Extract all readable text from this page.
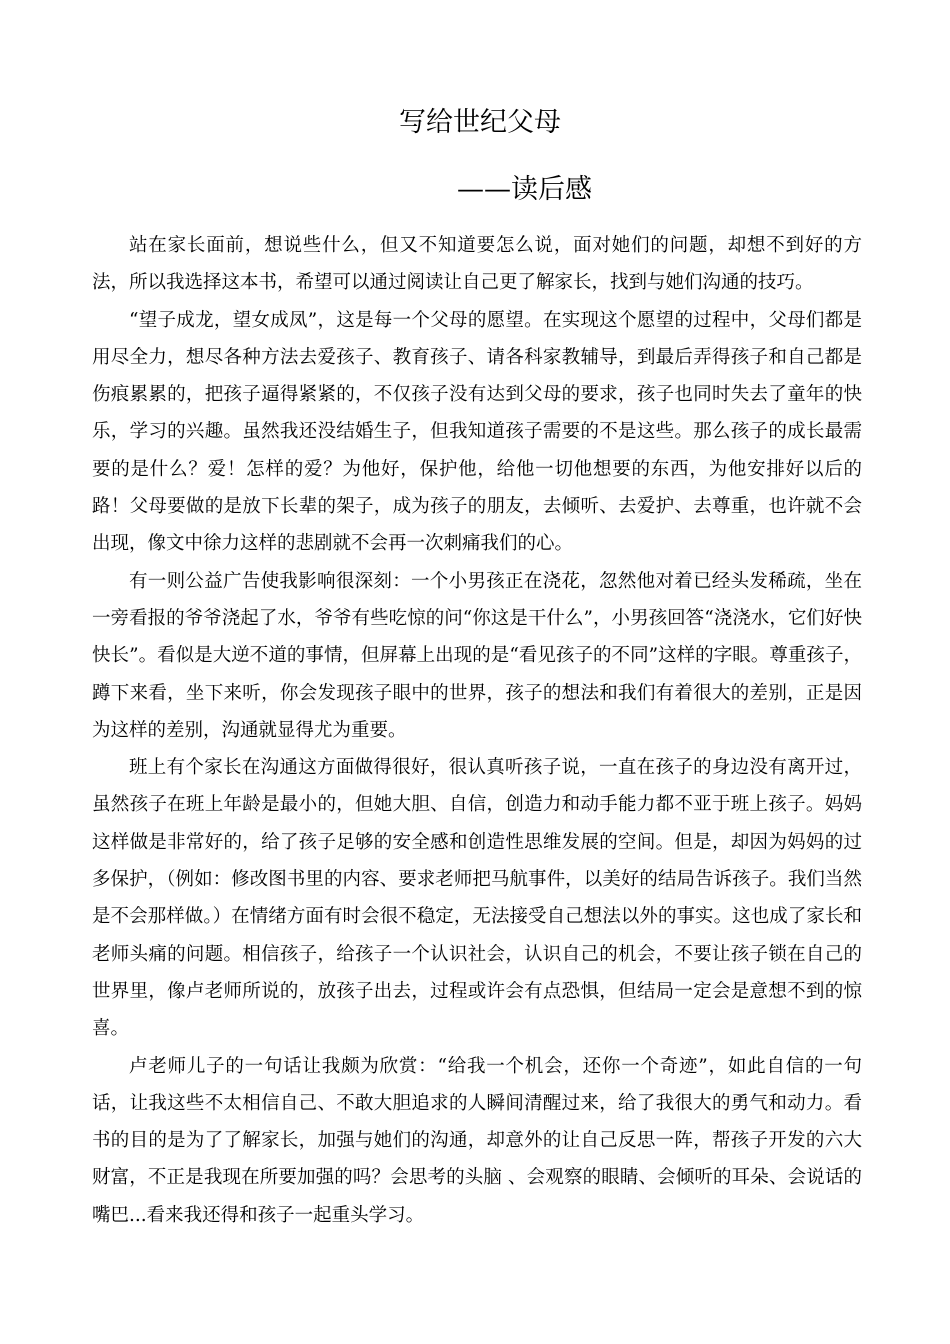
写给世纪父母
——读后感

站在家长面前，想说些什么，但又不知道要怎么说，面对她们的问题，却想不到好的方法，所以我选择这本书，希望可以通过阅读让自己更了解家长，找到与她们沟通的技巧。

“望子成龙，望女成凤”，这是每一个父母的愿望。在实现这个愿望的过程中，父母们都是用尽全力，想尽各种方法去爱孩子、教育孩子、请各科家教辅导，到最后弄得孩子和自己都是伤痕累累的，把孩子逼得紧紧的，不仅孩子没有达到父母的要求，孩子也同时失去了童年的快乐，学习的兴趣。虽然我还没结婚生子，但我知道孩子需要的不是这些。那么孩子的成长最需要的是什么？爱！怎样的爱？为他好，保护他，给他一切他想要的东西，为他安排好以后的路！父母要做的是放下长辈的架子，成为孩子的朋友，去倾听、去爱护、去尊重，也许就不会出现，像文中徐力这样的悲剧就不会再一次刺痛我们的心。

有一则公益广告使我影响很深刻：一个小男孩正在浇花，忽然他对着已经头发稀疏，坐在一旁看报的爷爷浇起了水，爷爷有些吃惊的问“你这是干什么”，小男孩回答“浇浇水，它们好快快长”。看似是大逆不道的事情，但屏幕上出现的是“看见孩子的不同”这样的字眼。尊重孩子，蹲下来看，坐下来听，你会发现孩子眼中的世界，孩子的想法和我们有着很大的差别，正是因为这样的差别，沟通就显得尤为重要。

班上有个家长在沟通这方面做得很好，很认真听孩子说，一直在孩子的身边没有离开过，虽然孩子在班上年龄是最小的，但她大胆、自信，创造力和动手能力都不亚于班上孩子。妈妈这样做是非常好的，给了孩子足够的安全感和创造性思维发展的空间。但是，却因为妈妈的过多保护，（例如：修改图书里的内容、要求老师把马航事件，以美好的结局告诉孩子。我们当然是不会那样做。）在情绪方面有时会很不稳定，无法接受自己想法以外的事实。这也成了家长和老师头痛的问题。相信孩子，给孩子一个认识社会，认识自己的机会，不要让孩子锁在自己的世界里，像卢老师所说的，放孩子出去，过程或许会有点恐惧，但结局一定会是意想不到的惊喜。

卢老师儿子的一句话让我颇为欣赏：“给我一个机会，还你一个奇迹”，如此自信的一句话，让我这些不太相信自己、不敢大胆追求的人瞬间清醒过来，给了我很大的勇气和动力。看书的目的是为了了解家长，加强与她们的沟通，却意外的让自己反思一阵，帮孩子开发的六大财富，不正是我现在所要加强的吗？会思考的头脑 、会观察的眼睛、会倾听的耳朵、会说话的嘴巴...看来我还得和孩子一起重头学习。
